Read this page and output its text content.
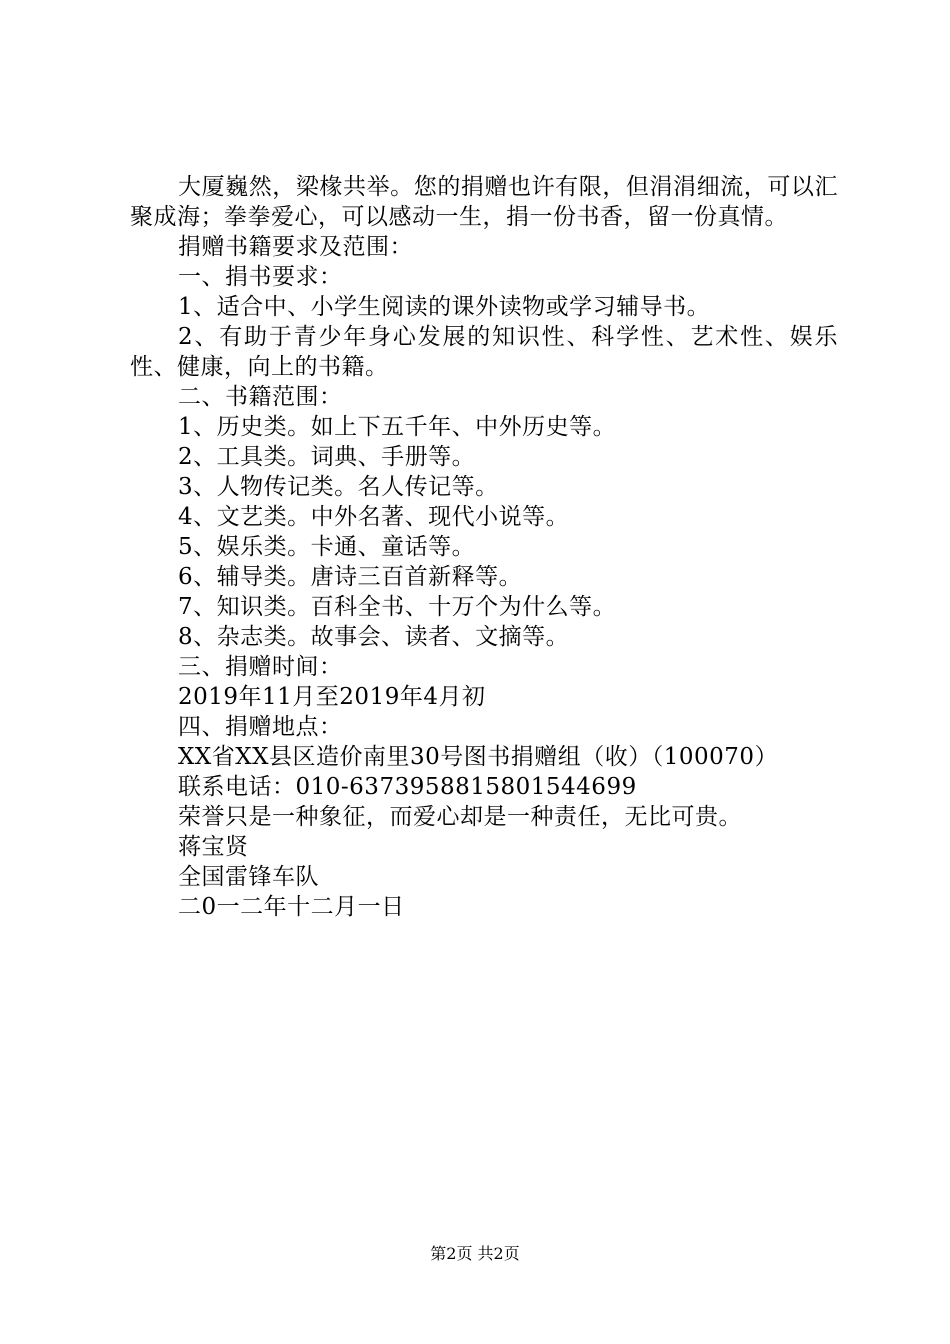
大厦巍然，梁椽共举。您的捐赠也许有限，但涓涓细流，可以汇聚成海；拳拳爱心，可以感动一生，捐一份书香，留一份真情。

捐赠书籍要求及范围：

一、捐书要求：

1、适合中、小学生阅读的课外读物或学习辅导书。

2、有助于青少年身心发展的知识性、科学性、艺术性、娱乐性、健康，向上的书籍。

二、书籍范围：

1、历史类。如上下五千年、中外历史等。

2、工具类。词典、手册等。

3、人物传记类。名人传记等。

4、文艺类。中外名著、现代小说等。

5、娱乐类。卡通、童话等。

6、辅导类。唐诗三百首新释等。

7、知识类。百科全书、十万个为什么等。

8、杂志类。故事会、读者、文摘等。

三、捐赠时间：

2019年11月至2019年4月初

四、捐赠地点：

XX省XX县区造价南里30号图书捐赠组（收）（100070）

联系电话：010-6373958815801544699

荣誉只是一种象征，而爱心却是一种责任，无比可贵。

蒋宝贤

全国雷锋车队

二0一二年十二月一日

第2页 共2页
